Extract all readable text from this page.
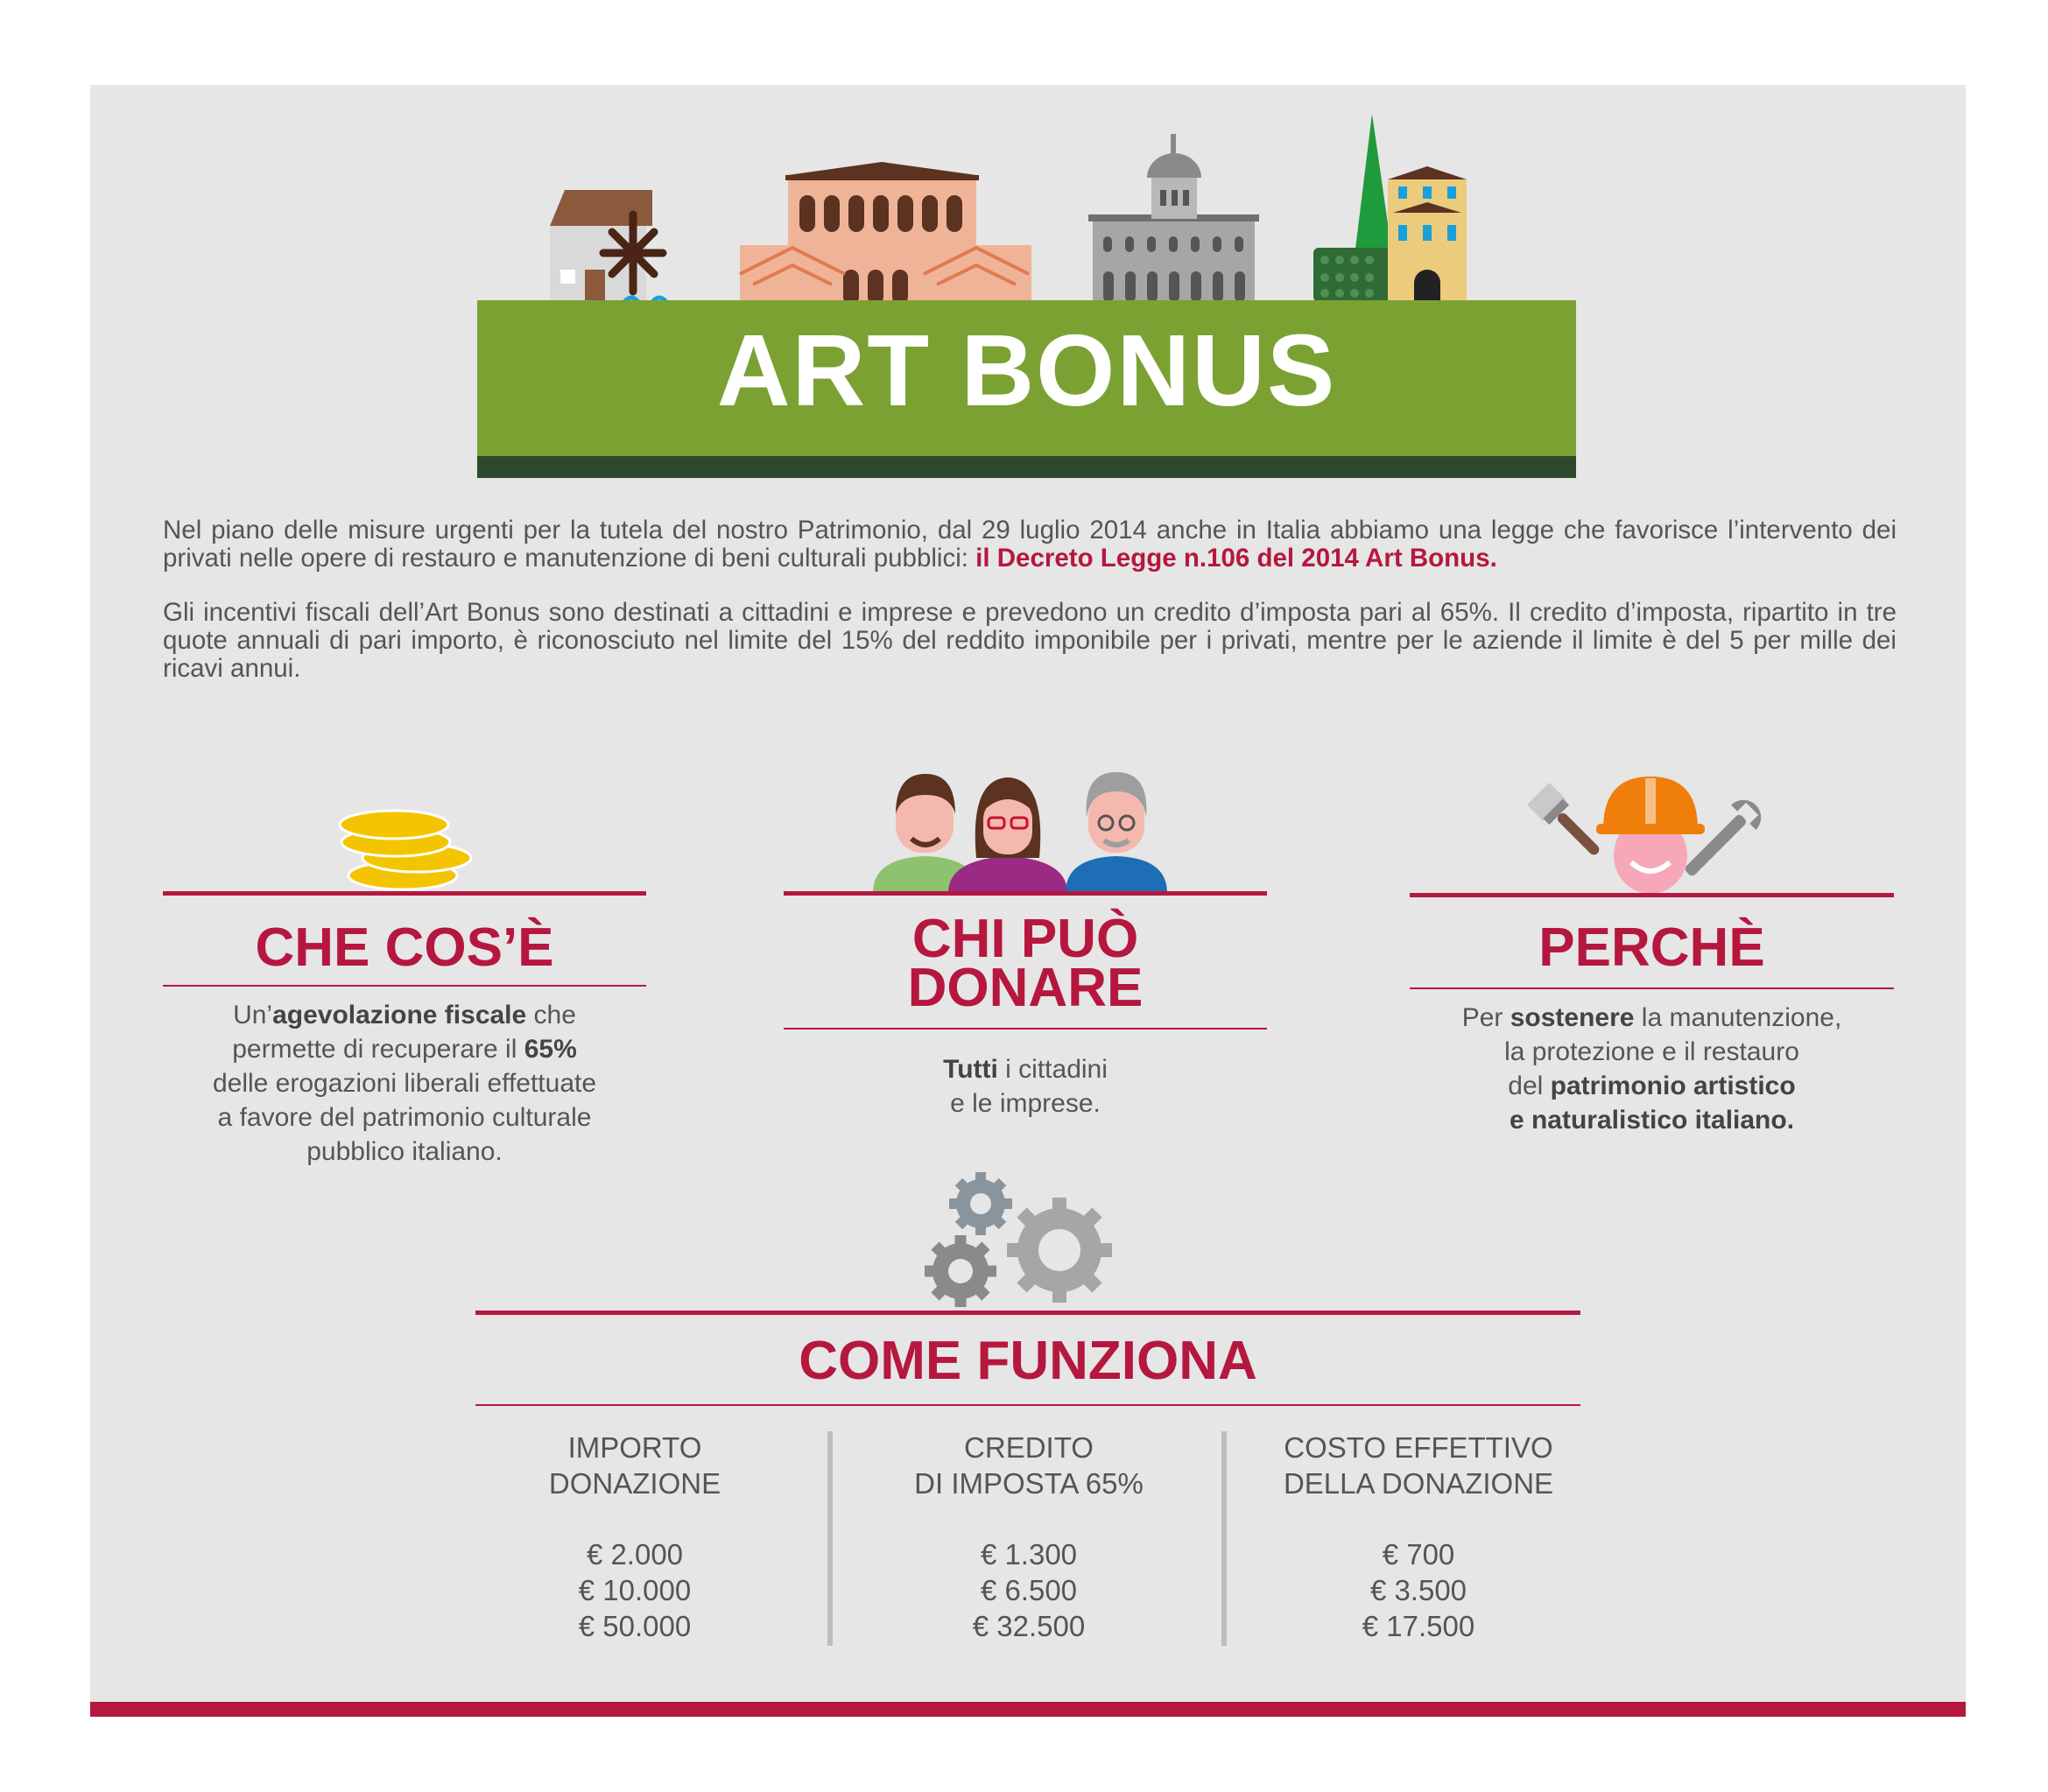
ART BONUS
Nel piano delle misure urgenti per la tutela del nostro Patrimonio, dal 29 luglio 2014 anche in Italia abbiamo una legge che favorisce l’intervento dei privati nelle opere di restauro e manutenzione di beni culturali pubblici: il Decreto Legge n.106 del 2014 Art Bonus.
Gli incentivi fiscali dell’Art Bonus sono destinati a cittadini e imprese e prevedono un credito d’imposta pari al 65%. Il credito d’imposta, ripartito in tre quote annuali di pari importo, è riconosciuto nel limite del 15% del reddito imponibile per i privati, mentre per le aziende il limite è del 5 per mille dei ricavi annui.
CHE COS’È
Un’agevolazione fiscale che
permette di recuperare il 65%
delle erogazioni liberali effettuate
a favore del patrimonio culturale
pubblico italiano.
CHI PUÒ
DONARE
Tutti i cittadini
e le imprese.
PERCHÈ
Per sostenere la manutenzione,
la protezione e il restauro
del patrimonio artistico
e naturalistico italiano.
COME FUNZIONA
IMPORTO
DONAZIONE
€ 2.000
€ 10.000
€ 50.000
CREDITO
DI IMPOSTA 65%
€ 1.300
€ 6.500
€ 32.500
COSTO EFFETTIVO
DELLA DONAZIONE
€ 700
€ 3.500
€ 17.500
